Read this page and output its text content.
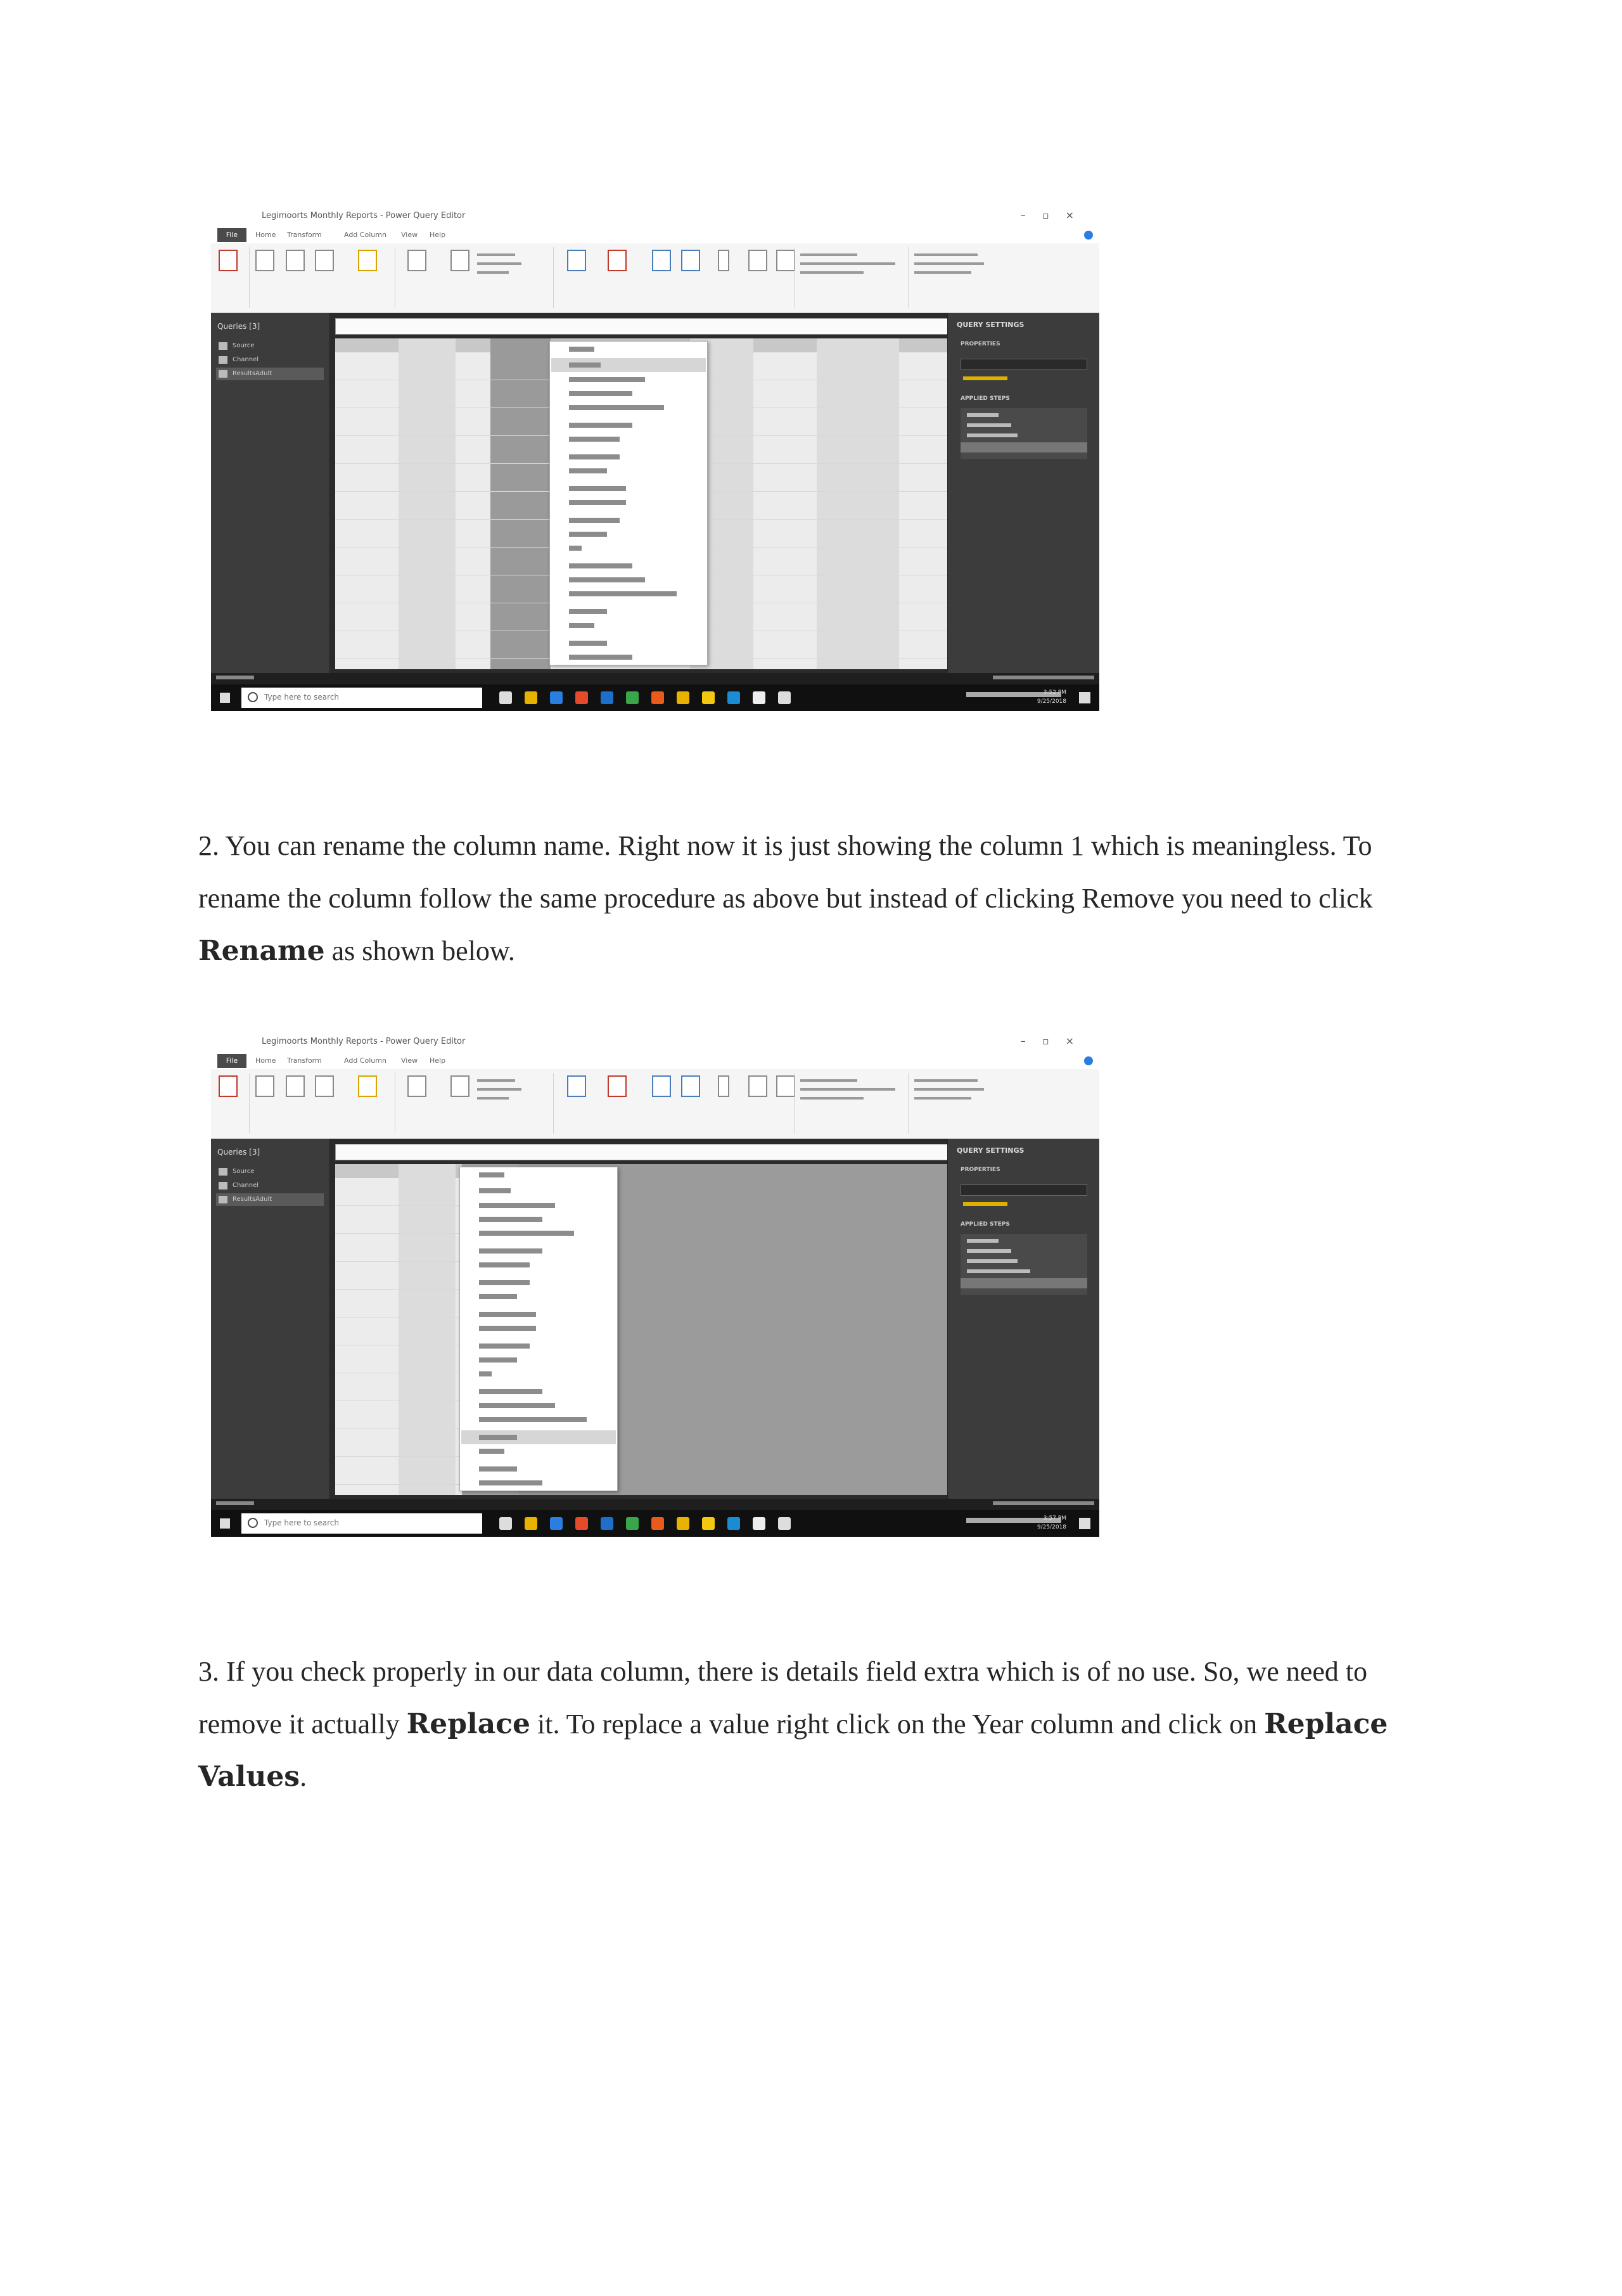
Legimoorts Monthly Reports - Power Query Editor	–▫×
File	Home Transform	Add Column View Help
Queries [3]
Source
Channel
ResultsAdult
QUERY SETTINGS
PROPERTIES
APPLIED STEPS
Type here to search	3:52 PM
9/25/2018
2. You can rename the column name. Right now it is just showing the column 1 which is meaningless. To rename the column follow the same procedure as above but instead of clicking Remove you need to click Rename as shown below.
Legimoorts Monthly Reports - Power Query Editor	–▫×
File	Home Transform	Add Column View Help
Queries [3]
Source
Channel
ResultsAdult
QUERY SETTINGS
PROPERTIES
APPLIED STEPS
Type here to search	3:57 PM
9/25/2018
3. If you check properly in our data column, there is details field extra which is of no use. So, we need to remove it actually Replace it. To replace a value right click on the Year column and click on Replace Values.
